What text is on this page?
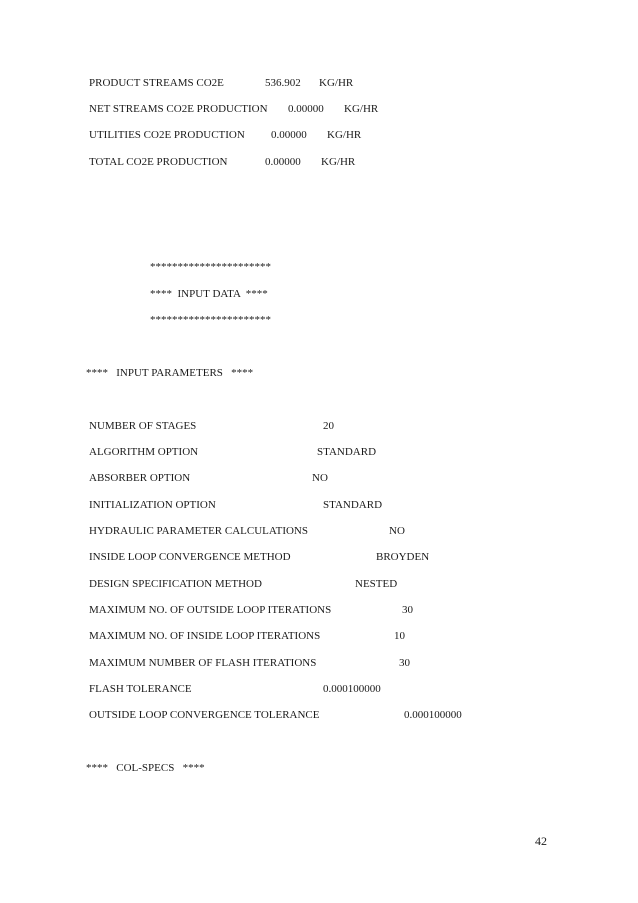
PRODUCT STREAMS CO2E	536.902 KG/HR
NET STREAMS CO2E PRODUCTION 0.00000 KG/HR
UTILITIES CO2E PRODUCTION 0.00000 KG/HR
TOTAL CO2E PRODUCTION	0.00000 KG/HR
**********************
****  INPUT DATA  ****
**********************
****   INPUT PARAMETERS   ****
NUMBER OF STAGES	20
ALGORITHM OPTION	STANDARD
ABSORBER OPTION	NO
INITIALIZATION OPTION	STANDARD
HYDRAULIC PARAMETER CALCULATIONS	NO
INSIDE LOOP CONVERGENCE METHOD	BROYDEN
DESIGN SPECIFICATION METHOD	NESTED
MAXIMUM NO. OF OUTSIDE LOOP ITERATIONS	30
MAXIMUM NO. OF INSIDE LOOP ITERATIONS	10
MAXIMUM NUMBER OF FLASH ITERATIONS	30
FLASH TOLERANCE	0.000100000
OUTSIDE LOOP CONVERGENCE TOLERANCE	0.000100000
****   COL-SPECS   ****
42
